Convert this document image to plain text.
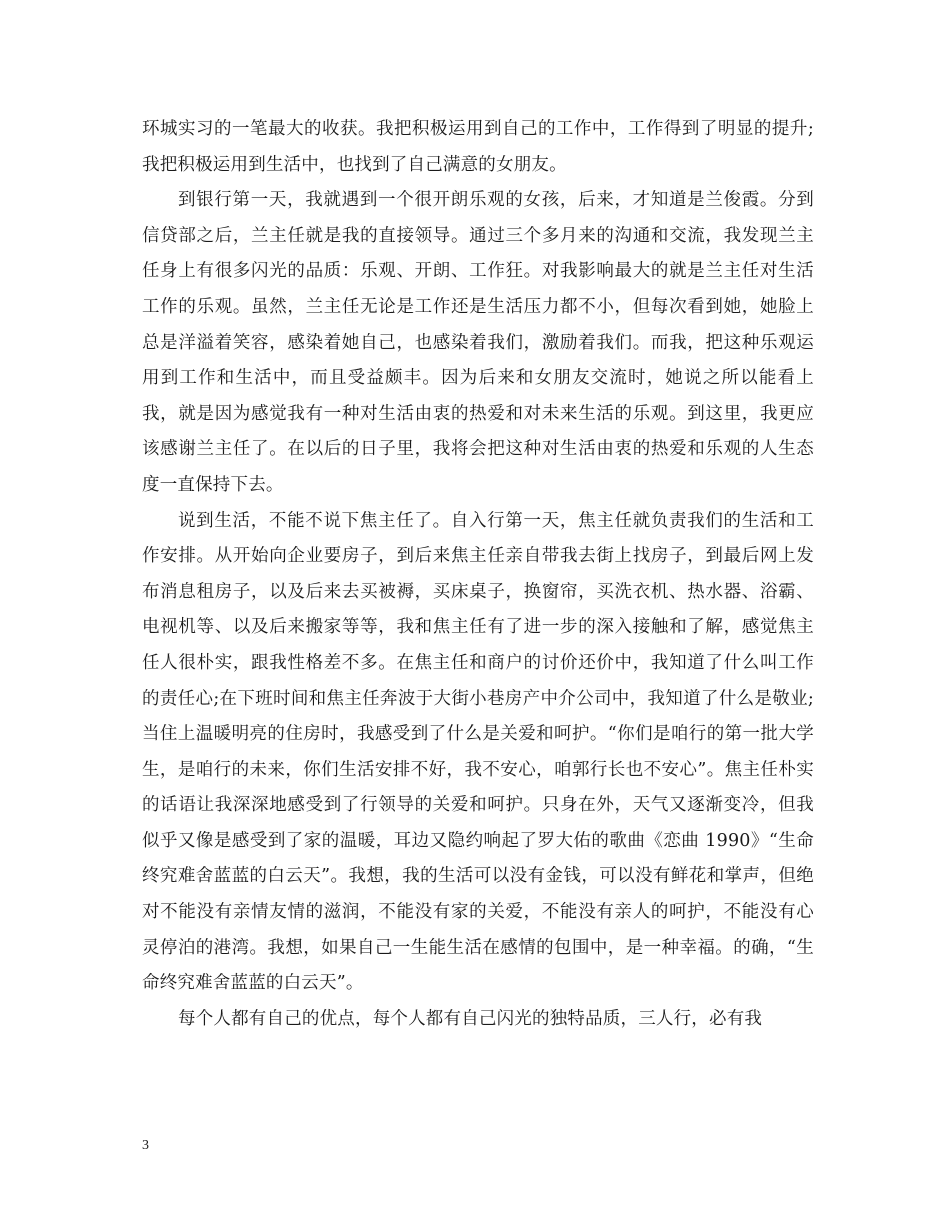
环城实习的一笔最大的收获。我把积极运用到自己的工作中，工作得到了明显的提升;我把积极运用到生活中，也找到了自己满意的女朋友。

到银行第一天，我就遇到一个很开朗乐观的女孩，后来，才知道是兰俊霞。分到信贷部之后，兰主任就是我的直接领导。通过三个多月来的沟通和交流，我发现兰主任身上有很多闪光的品质：乐观、开朗、工作狂。对我影响最大的就是兰主任对生活工作的乐观。虽然，兰主任无论是工作还是生活压力都不小，但每次看到她，她脸上总是洋溢着笑容，感染着她自己，也感染着我们，激励着我们。而我，把这种乐观运用到工作和生活中，而且受益颇丰。因为后来和女朋友交流时，她说之所以能看上我，就是因为感觉我有一种对生活由衷的热爱和对未来生活的乐观。到这里，我更应该感谢兰主任了。在以后的日子里，我将会把这种对生活由衷的热爱和乐观的人生态度一直保持下去。

说到生活，不能不说下焦主任了。自入行第一天，焦主任就负责我们的生活和工作安排。从开始向企业要房子，到后来焦主任亲自带我去街上找房子，到最后网上发布消息租房子，以及后来去买被褥，买床桌子，换窗帘，买洗衣机、热水器、浴霸、电视机等、以及后来搬家等等，我和焦主任有了进一步的深入接触和了解，感觉焦主任人很朴实，跟我性格差不多。在焦主任和商户的讨价还价中，我知道了什么叫工作的责任心;在下班时间和焦主任奔波于大街小巷房产中介公司中，我知道了什么是敬业;当住上温暖明亮的住房时，我感受到了什么是关爱和呵护。“你们是咱行的第一批大学生，是咱行的未来，你们生活安排不好，我不安心，咱郭行长也不安心”。焦主任朴实的话语让我深深地感受到了行领导的关爱和呵护。只身在外，天气又逐渐变冷，但我似乎又像是感受到了家的温暖，耳边又隐约响起了罗大佑的歌曲《恋曲 1990》“生命终究难舍蓝蓝的白云天”。我想，我的生活可以没有金钱，可以没有鲜花和掌声，但绝对不能没有亲情友情的滋润，不能没有家的关爱，不能没有亲人的呵护，不能没有心灵停泊的港湾。我想，如果自己一生能生活在感情的包围中，是一种幸福。的确，“生命终究难舍蓝蓝的白云天”。

每个人都有自己的优点，每个人都有自己闪光的独特品质，三人行，必有我

3
